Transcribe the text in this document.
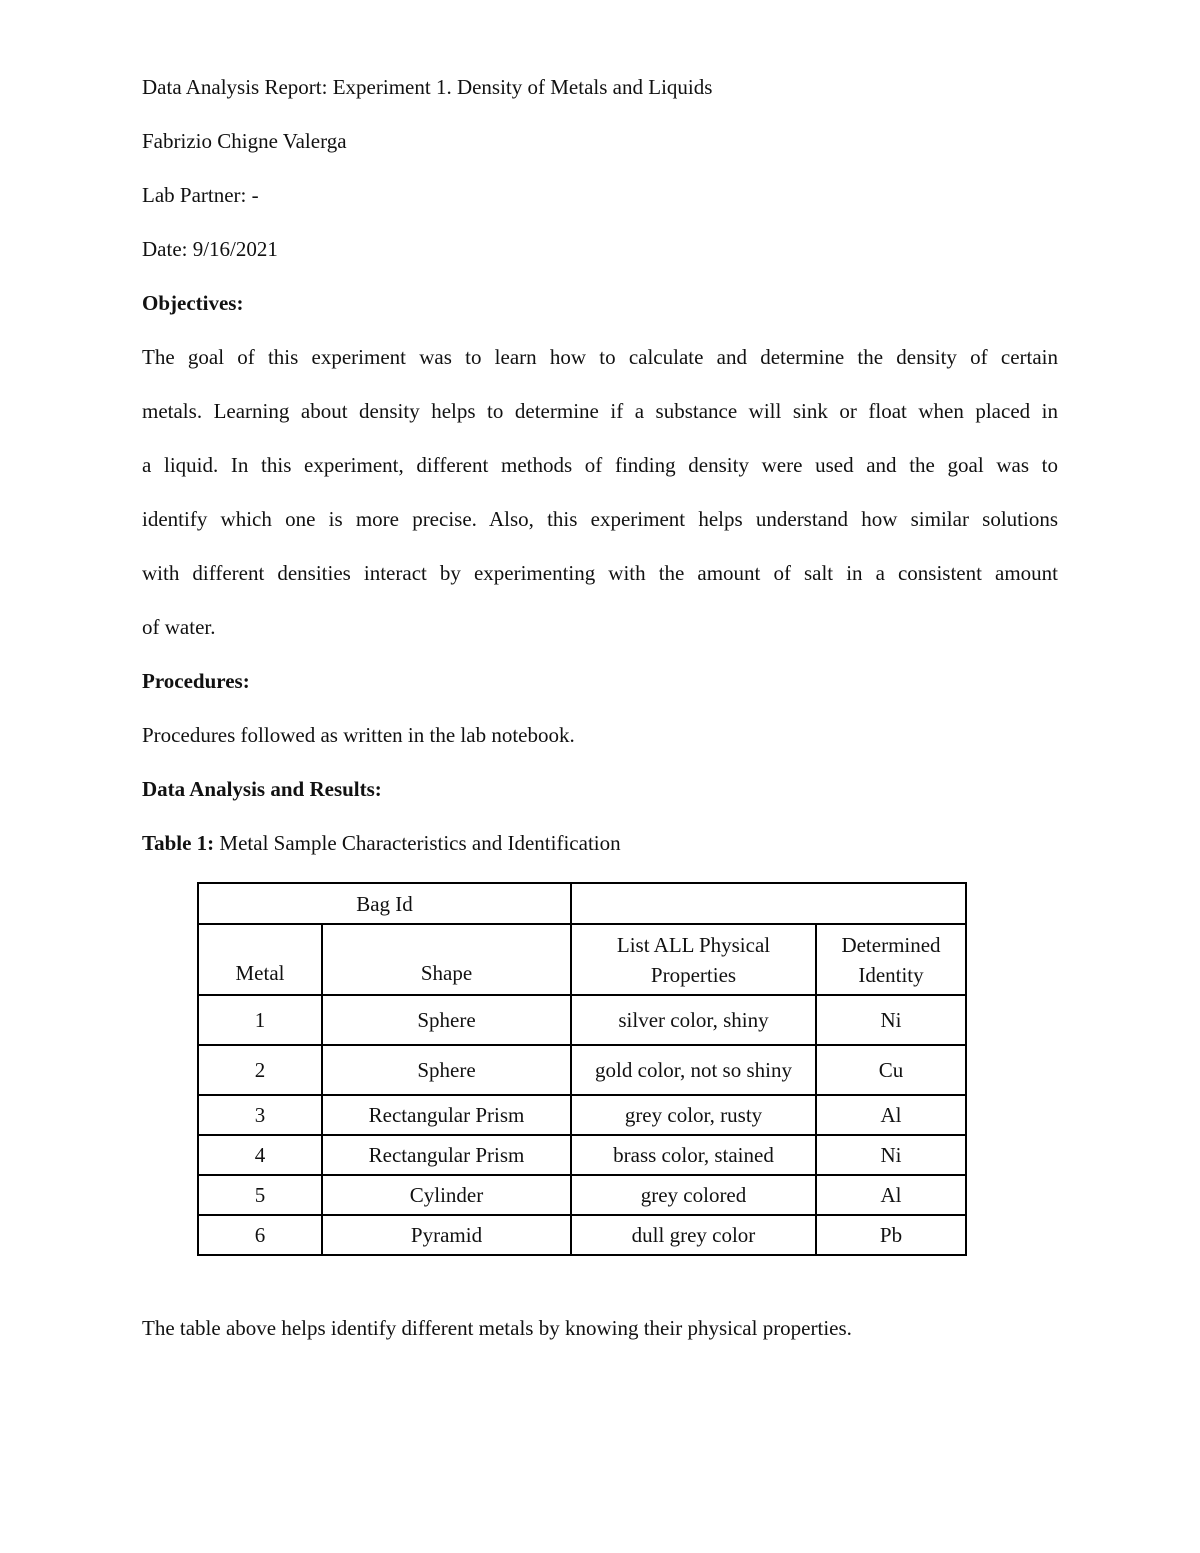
Data Analysis Report: Experiment 1. Density of Metals and Liquids
Fabrizio Chigne Valerga
Lab Partner: -
Date: 9/16/2021
Objectives:
The goal of this experiment was to learn how to calculate and determine the density of certain
metals. Learning about density helps to determine if a substance will sink or float when placed in
a liquid. In this experiment, different methods of finding density were used and the goal was to
identify which one is more precise. Also, this experiment helps understand how similar solutions
with different densities interact by experimenting with the amount of salt in a consistent amount
of water.
Procedures:
Procedures followed as written in the lab notebook.
Data Analysis and Results:
Table 1: Metal Sample Characteristics and Identification
The table above helps identify different metals by knowing their physical properties.
Bag Id			
Metal	Shape	List ALL Physical Properties	Determined Identity
1	Sphere	silver color, shiny	Ni
2	Sphere	gold color, not so shiny	Cu
3	Rectangular Prism	grey color, rusty	Al
4	Rectangular Prism	brass color, stained	Ni
5	Cylinder	grey colored	Al
6	Pyramid	dull grey color	Pb
